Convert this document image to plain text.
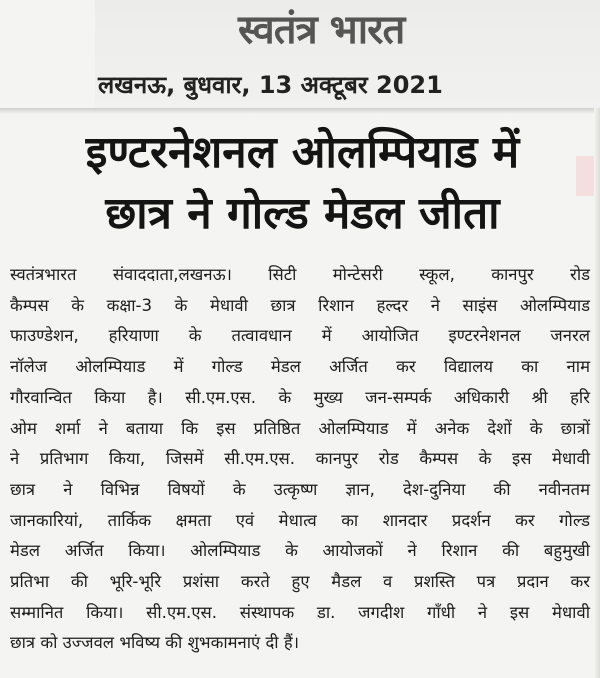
स्वतंत्र भारत
लखनऊ, बुधवार, 13 अक्टूबर 2021
इण्टरनेशनल ओलम्पियाड में
छात्र ने गोल्ड मेडल जीता
स्वतंत्रभारत संवाददाता,लखनऊ। सिटी मोन्टेसरी स्कूल, कानपुर रोड
कैम्पस के कक्षा-3 के मेधावी छात्र रिशान हल्दर ने साइंस ओलम्पियाड
फाउण्डेशन, हरियाणा के तत्वावधान में आयोजित इण्टरनेशनल जनरल
नॉलेज ओलम्पियाड में गोल्ड मेडल अर्जित कर विद्यालय का नाम
गौरवान्वित किया है। सी.एम.एस. के मुख्य जन-सम्पर्क अधिकारी श्री हरि
ओम शर्मा ने बताया कि इस प्रतिष्ठित ओलम्पियाड में अनेक देशों के छात्रों
ने प्रतिभाग किया, जिसमें सी.एम.एस. कानपुर रोड कैम्पस के इस मेधावी
छात्र ने विभिन्न विषयों के उत्कृष्ण ज्ञान, देश-दुनिया की नवीनतम
जानकारियां, तार्किक क्षमता एवं मेधात्व का शानदार प्रदर्शन कर गोल्ड
मेडल अर्जित किया। ओलम्पियाड के आयोजकों ने रिशान की बहुमुखी
प्रतिभा की भूरि-भूरि प्रशंसा करते हुए मैडल व प्रशस्ति पत्र प्रदान कर
सम्मानित किया। सी.एम.एस. संस्थापक डा. जगदीश गाँधी ने इस मेधावी
छात्र को उज्जवल भविष्य की शुभकामनाएं दी हैं।
